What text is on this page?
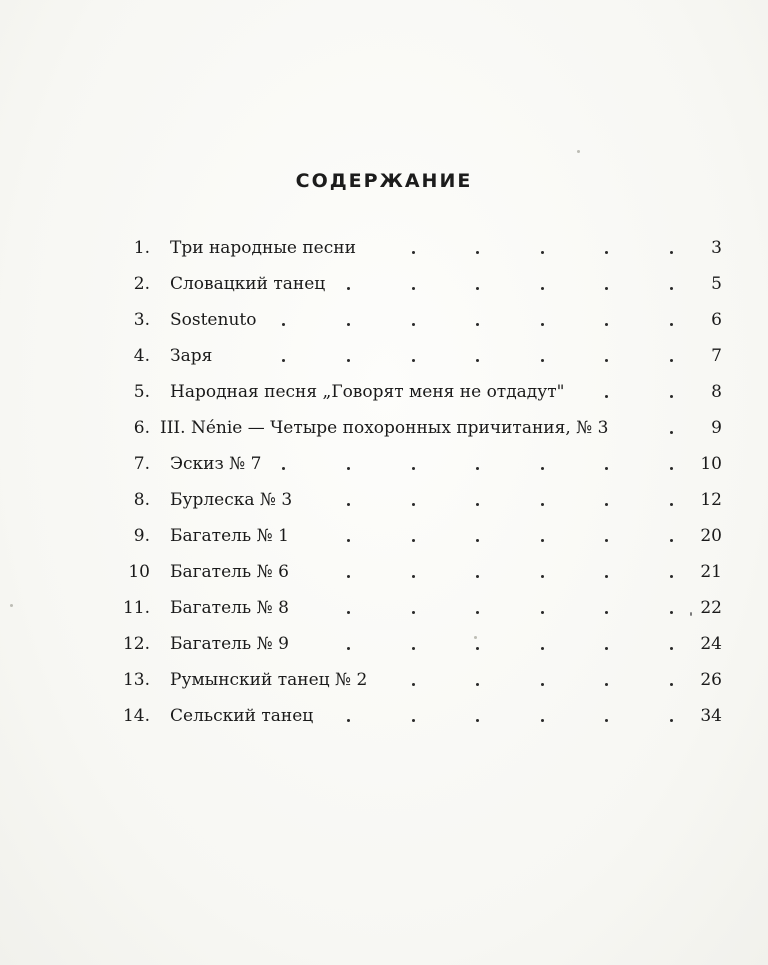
СОДЕРЖАНИЕ
1. Три народные песни	3
2. Словацкий танец	5
3. Sostenuto	6
4. Заря	7
5. Народная песня „Говорят меня не отдадут"	8
6. III. Nénie — Четыре похоронных причитания, № 3	9
7. Эскиз № 7	10
8. Бурлеска № 3	12
9. Багатель № 1	20
10 Багатель № 6	21
11. Багатель № 8	22
12. Багатель № 9	24
13. Румынский танец № 2	26
14. Сельский танец	34
